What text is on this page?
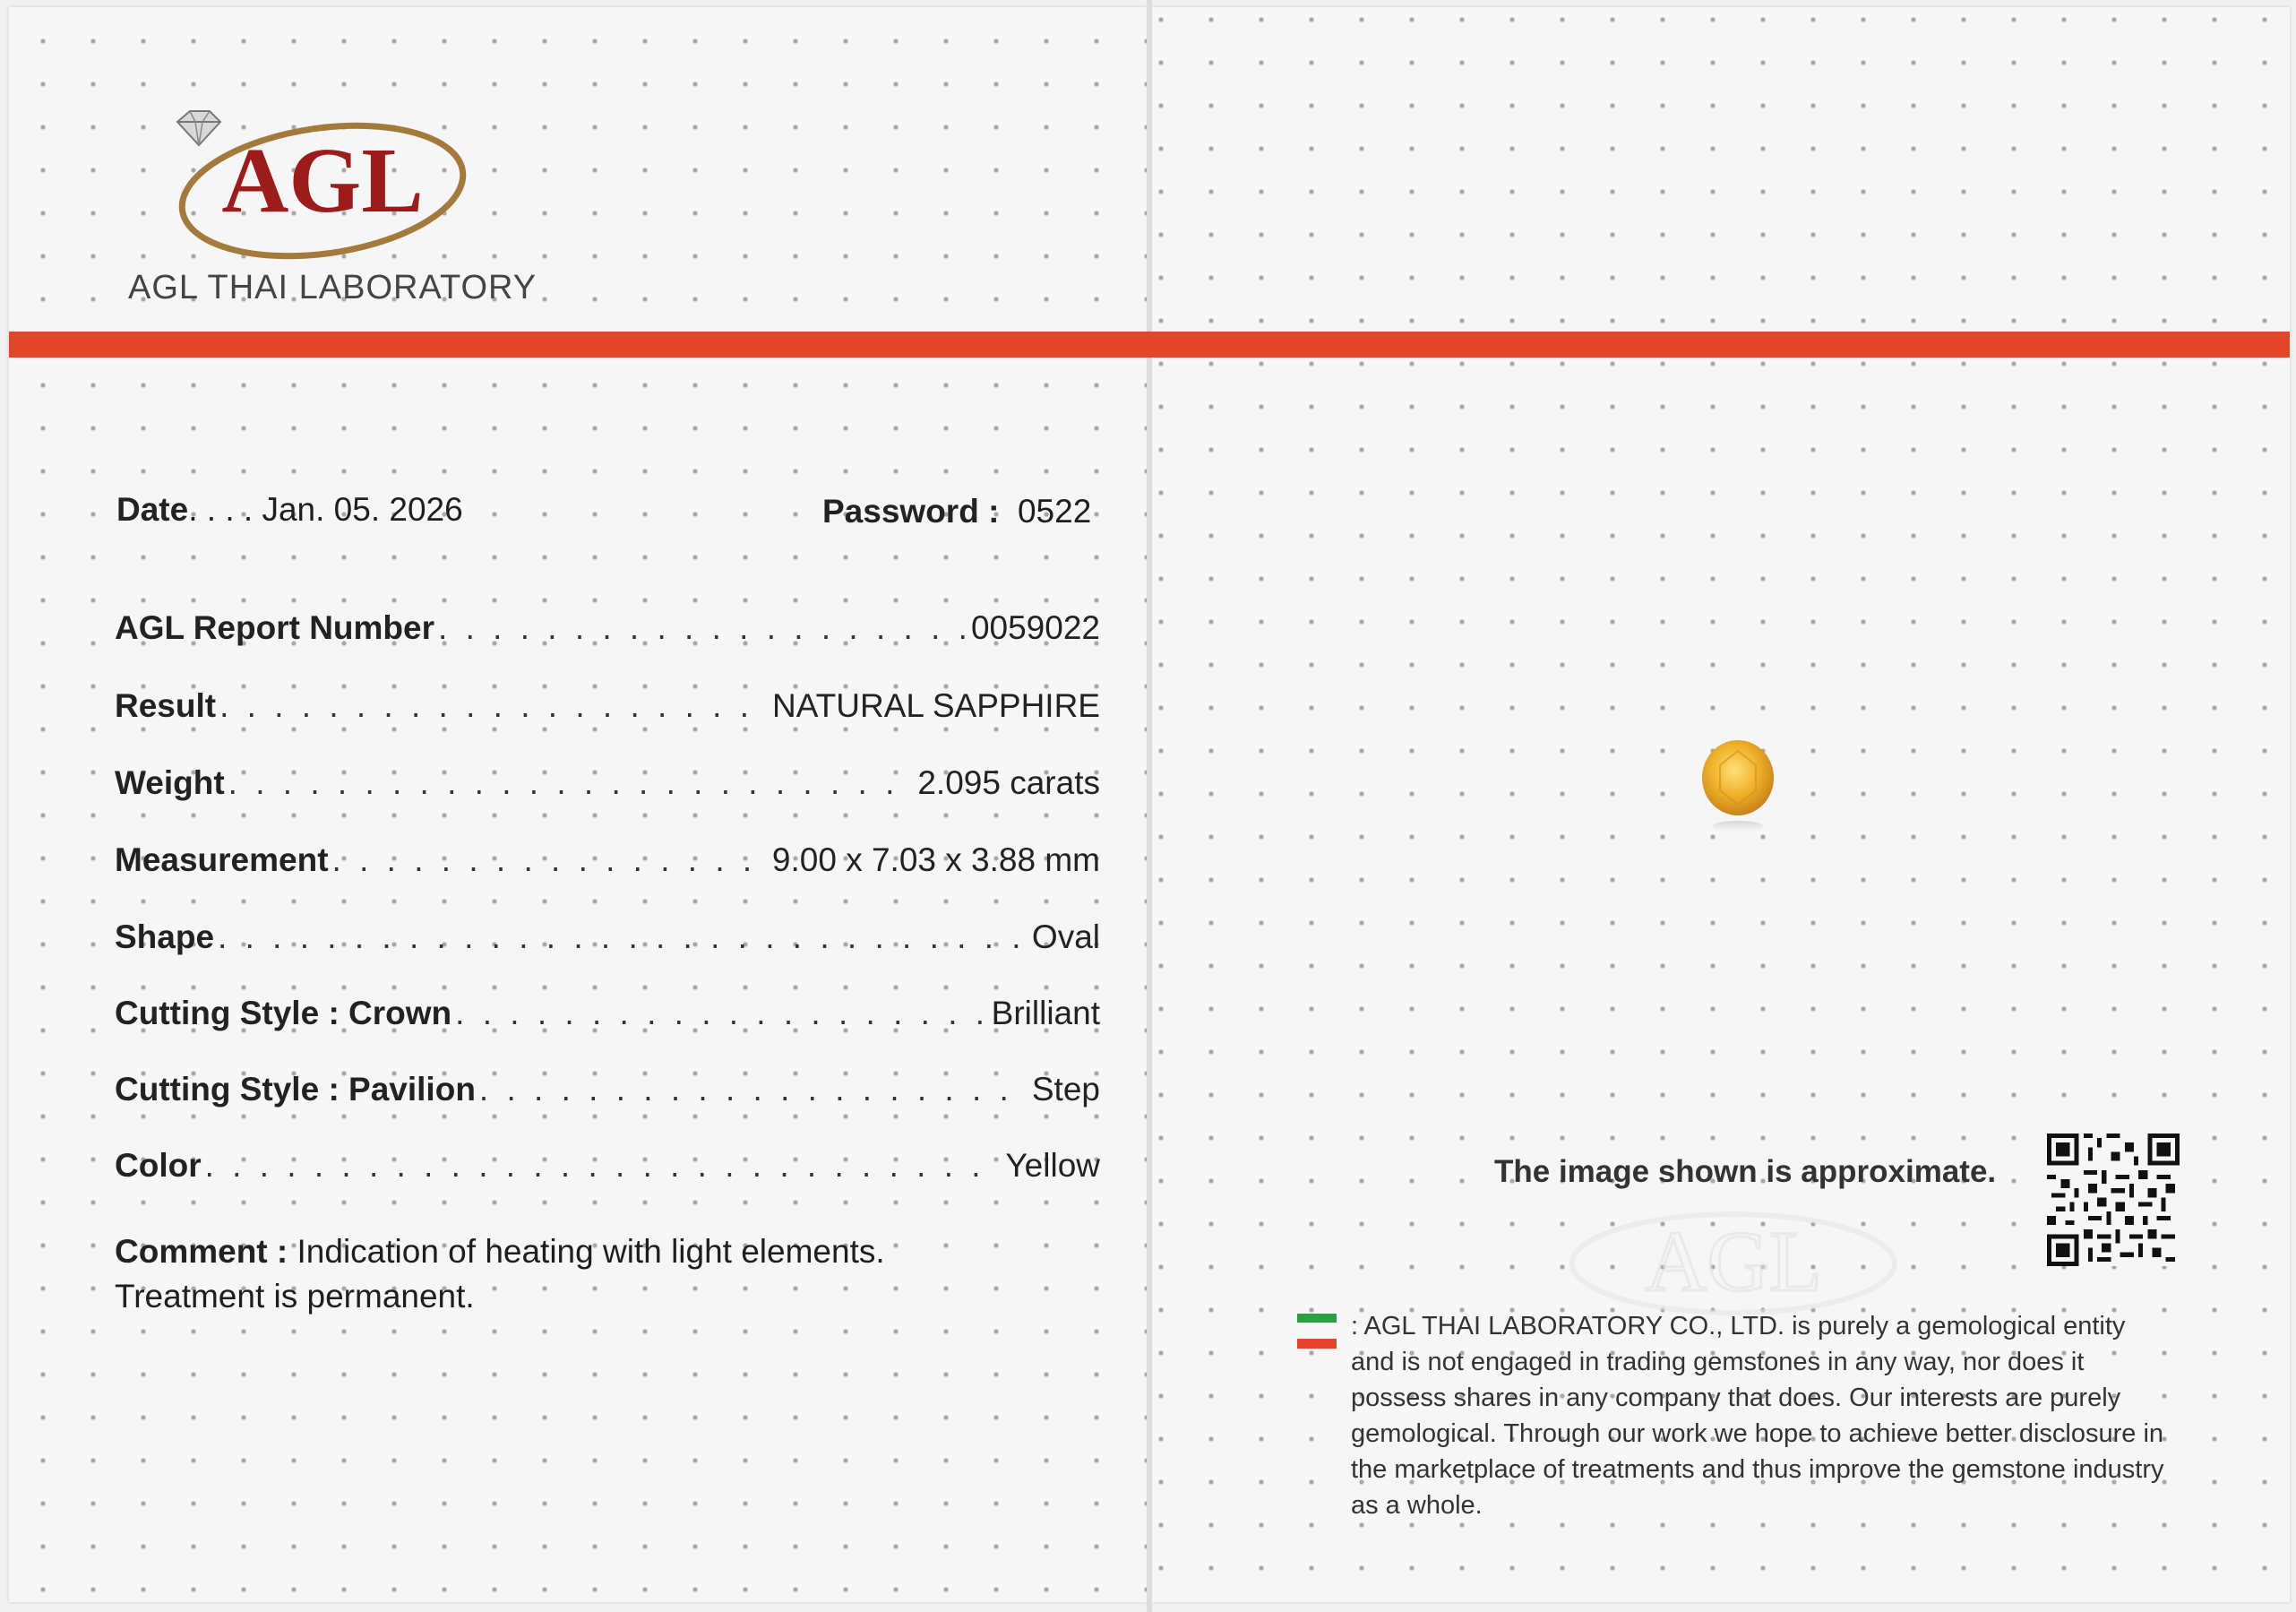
AGL
AGL THAI LABORATORY
Date. . . . Jan. 05. 2026	Password : 0522
AGL Report Number . . .	0059022
Result . . .	NATURAL SAPPHIRE
Weight . . .	2.095 carats
Measurement . . .	9.00 x 7.03 x 3.88 mm
Shape . . .	Oval
Cutting Style : Crown . . .	Brilliant
Cutting Style : Pavilion . . .	Step
Color . . .	Yellow
Comment : Indication of heating with light elements.
Treatment is permanent.
The image shown is approximate.
AGL
: AGL THAI LABORATORY CO., LTD. is purely a gemological entity and is not engaged in trading gemstones in any way, nor does it possess shares in any company that does. Our interests are purely gemological. Through our work we hope to achieve better disclosure in the marketplace of treatments and thus improve the gemstone industry as a whole.
